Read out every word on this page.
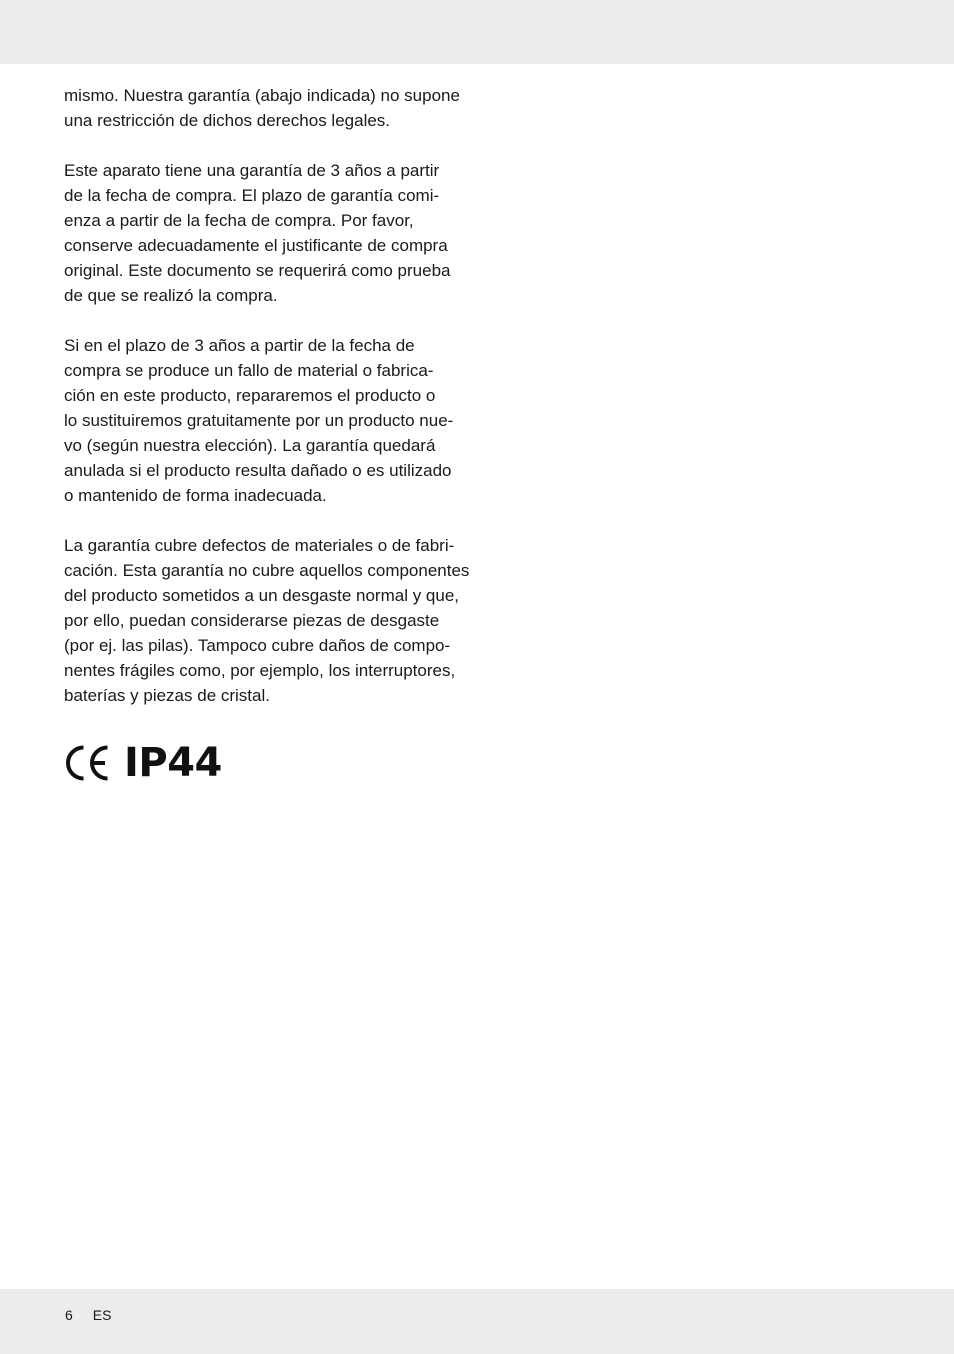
mismo. Nuestra garantía (abajo indicada) no supone
una restricción de dichos derechos legales.

Este aparato tiene una garantía de 3 años a partir
de la fecha de compra. El plazo de garantía comi-
enza a partir de la fecha de compra. Por favor,
conserve adecuadamente el justificante de compra
original. Este documento se requerirá como prueba
de que se realizó la compra.

Si en el plazo de 3 años a partir de la fecha de
compra se produce un fallo de material o fabrica-
ción en este producto, repararemos el producto o
lo sustituiremos gratuitamente por un producto nue-
vo (según nuestra elección). La garantía quedará
anulada si el producto resulta dañado o es utilizado
o mantenido de forma inadecuada.

La garantía cubre defectos de materiales o de fabri-
cación. Esta garantía no cubre aquellos componentes
del producto sometidos a un desgaste normal y que,
por ello, puedan considerarse piezas de desgaste
(por ej. las pilas). Tampoco cubre daños de compo-
nentes frágiles como, por ejemplo, los interruptores,
baterías y piezas de cristal.

IP44
6 ES
